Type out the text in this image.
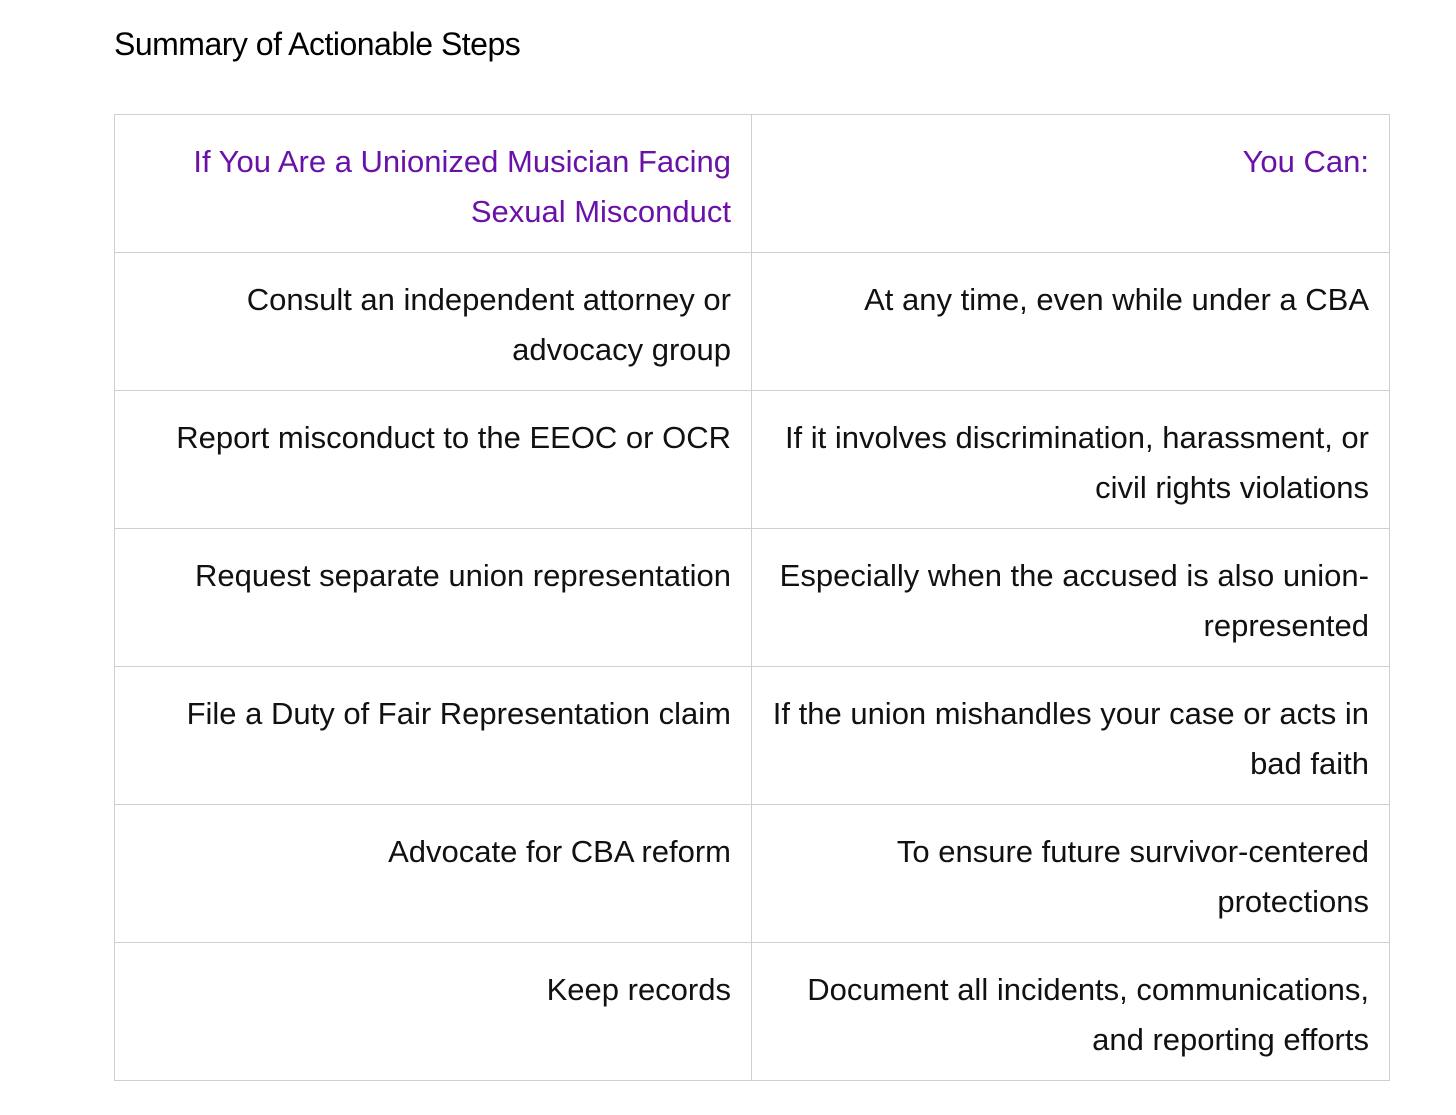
Summary of Actionable Steps
If You Are a Unionized Musician Facing Sexual Misconduct	You Can:
Consult an independent attorney or advocacy group	At any time, even while under a CBA
Report misconduct to the EEOC or OCR	If it involves discrimination, harassment, or civil rights violations
Request separate union representation	Especially when the accused is also union-represented
File a Duty of Fair Representation claim	If the union mishandles your case or acts in bad faith
Advocate for CBA reform	To ensure future survivor-centered protections
Keep records	Document all incidents, communications, and reporting efforts
